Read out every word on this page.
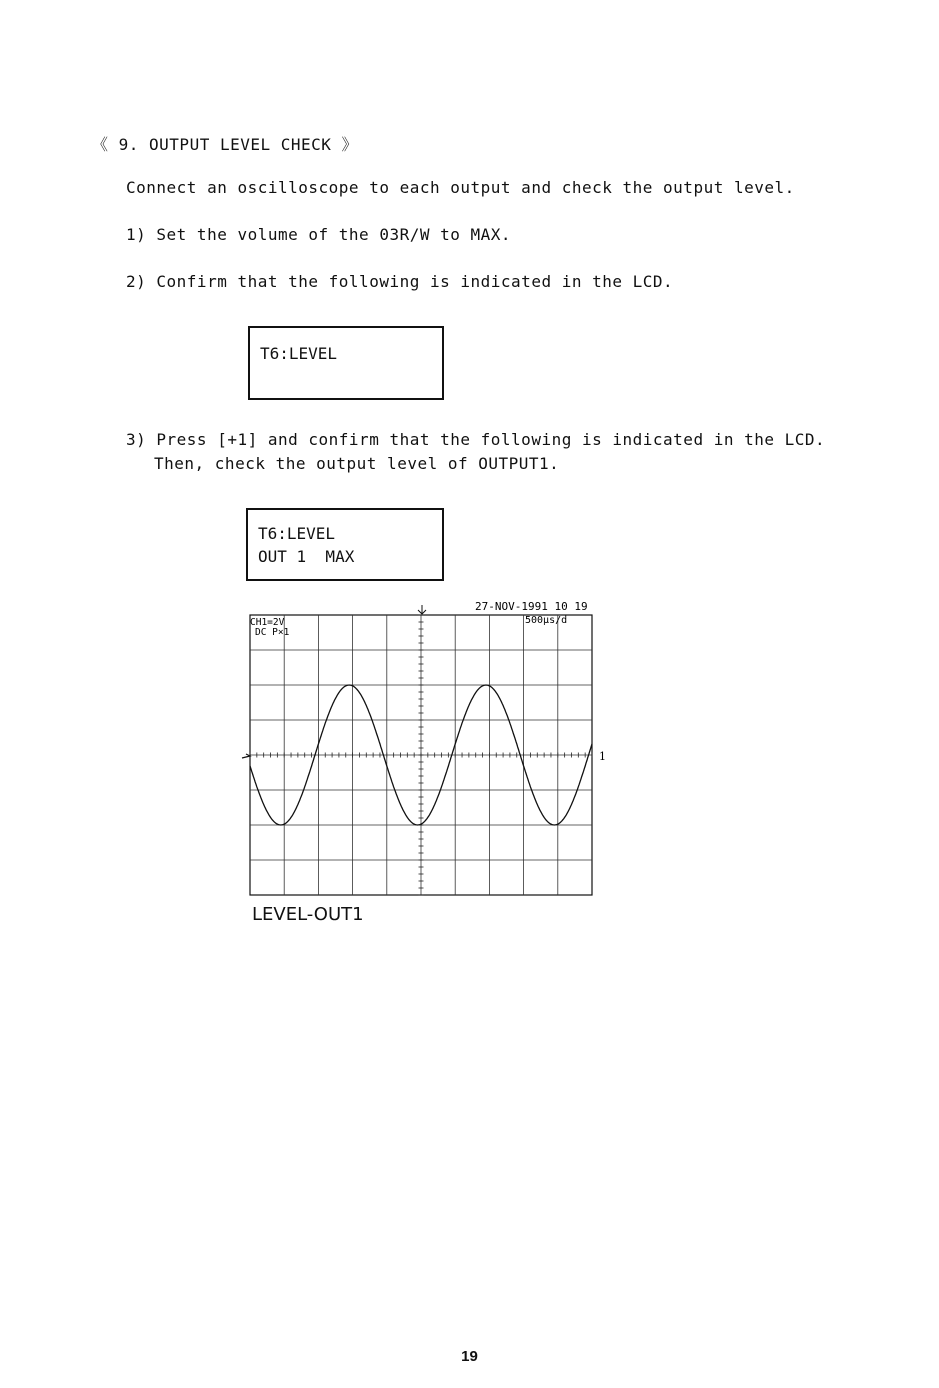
《 9. OUTPUT LEVEL CHECK 》
Connect an oscilloscope to each output and check the output level.
1) Set the volume of the 03R/W to MAX.
2) Confirm that the following is indicated in the LCD.
T6:LEVEL
3) Press [+1] and confirm that the following is indicated in the LCD.
Then, check the output level of OUTPUT1.
T6:LEVEL
OUT 1  MAX
27-NOV-1991 10 19
500μs/d
CH1=2V
DC P×1
1
LEVEL-OUT1
19
